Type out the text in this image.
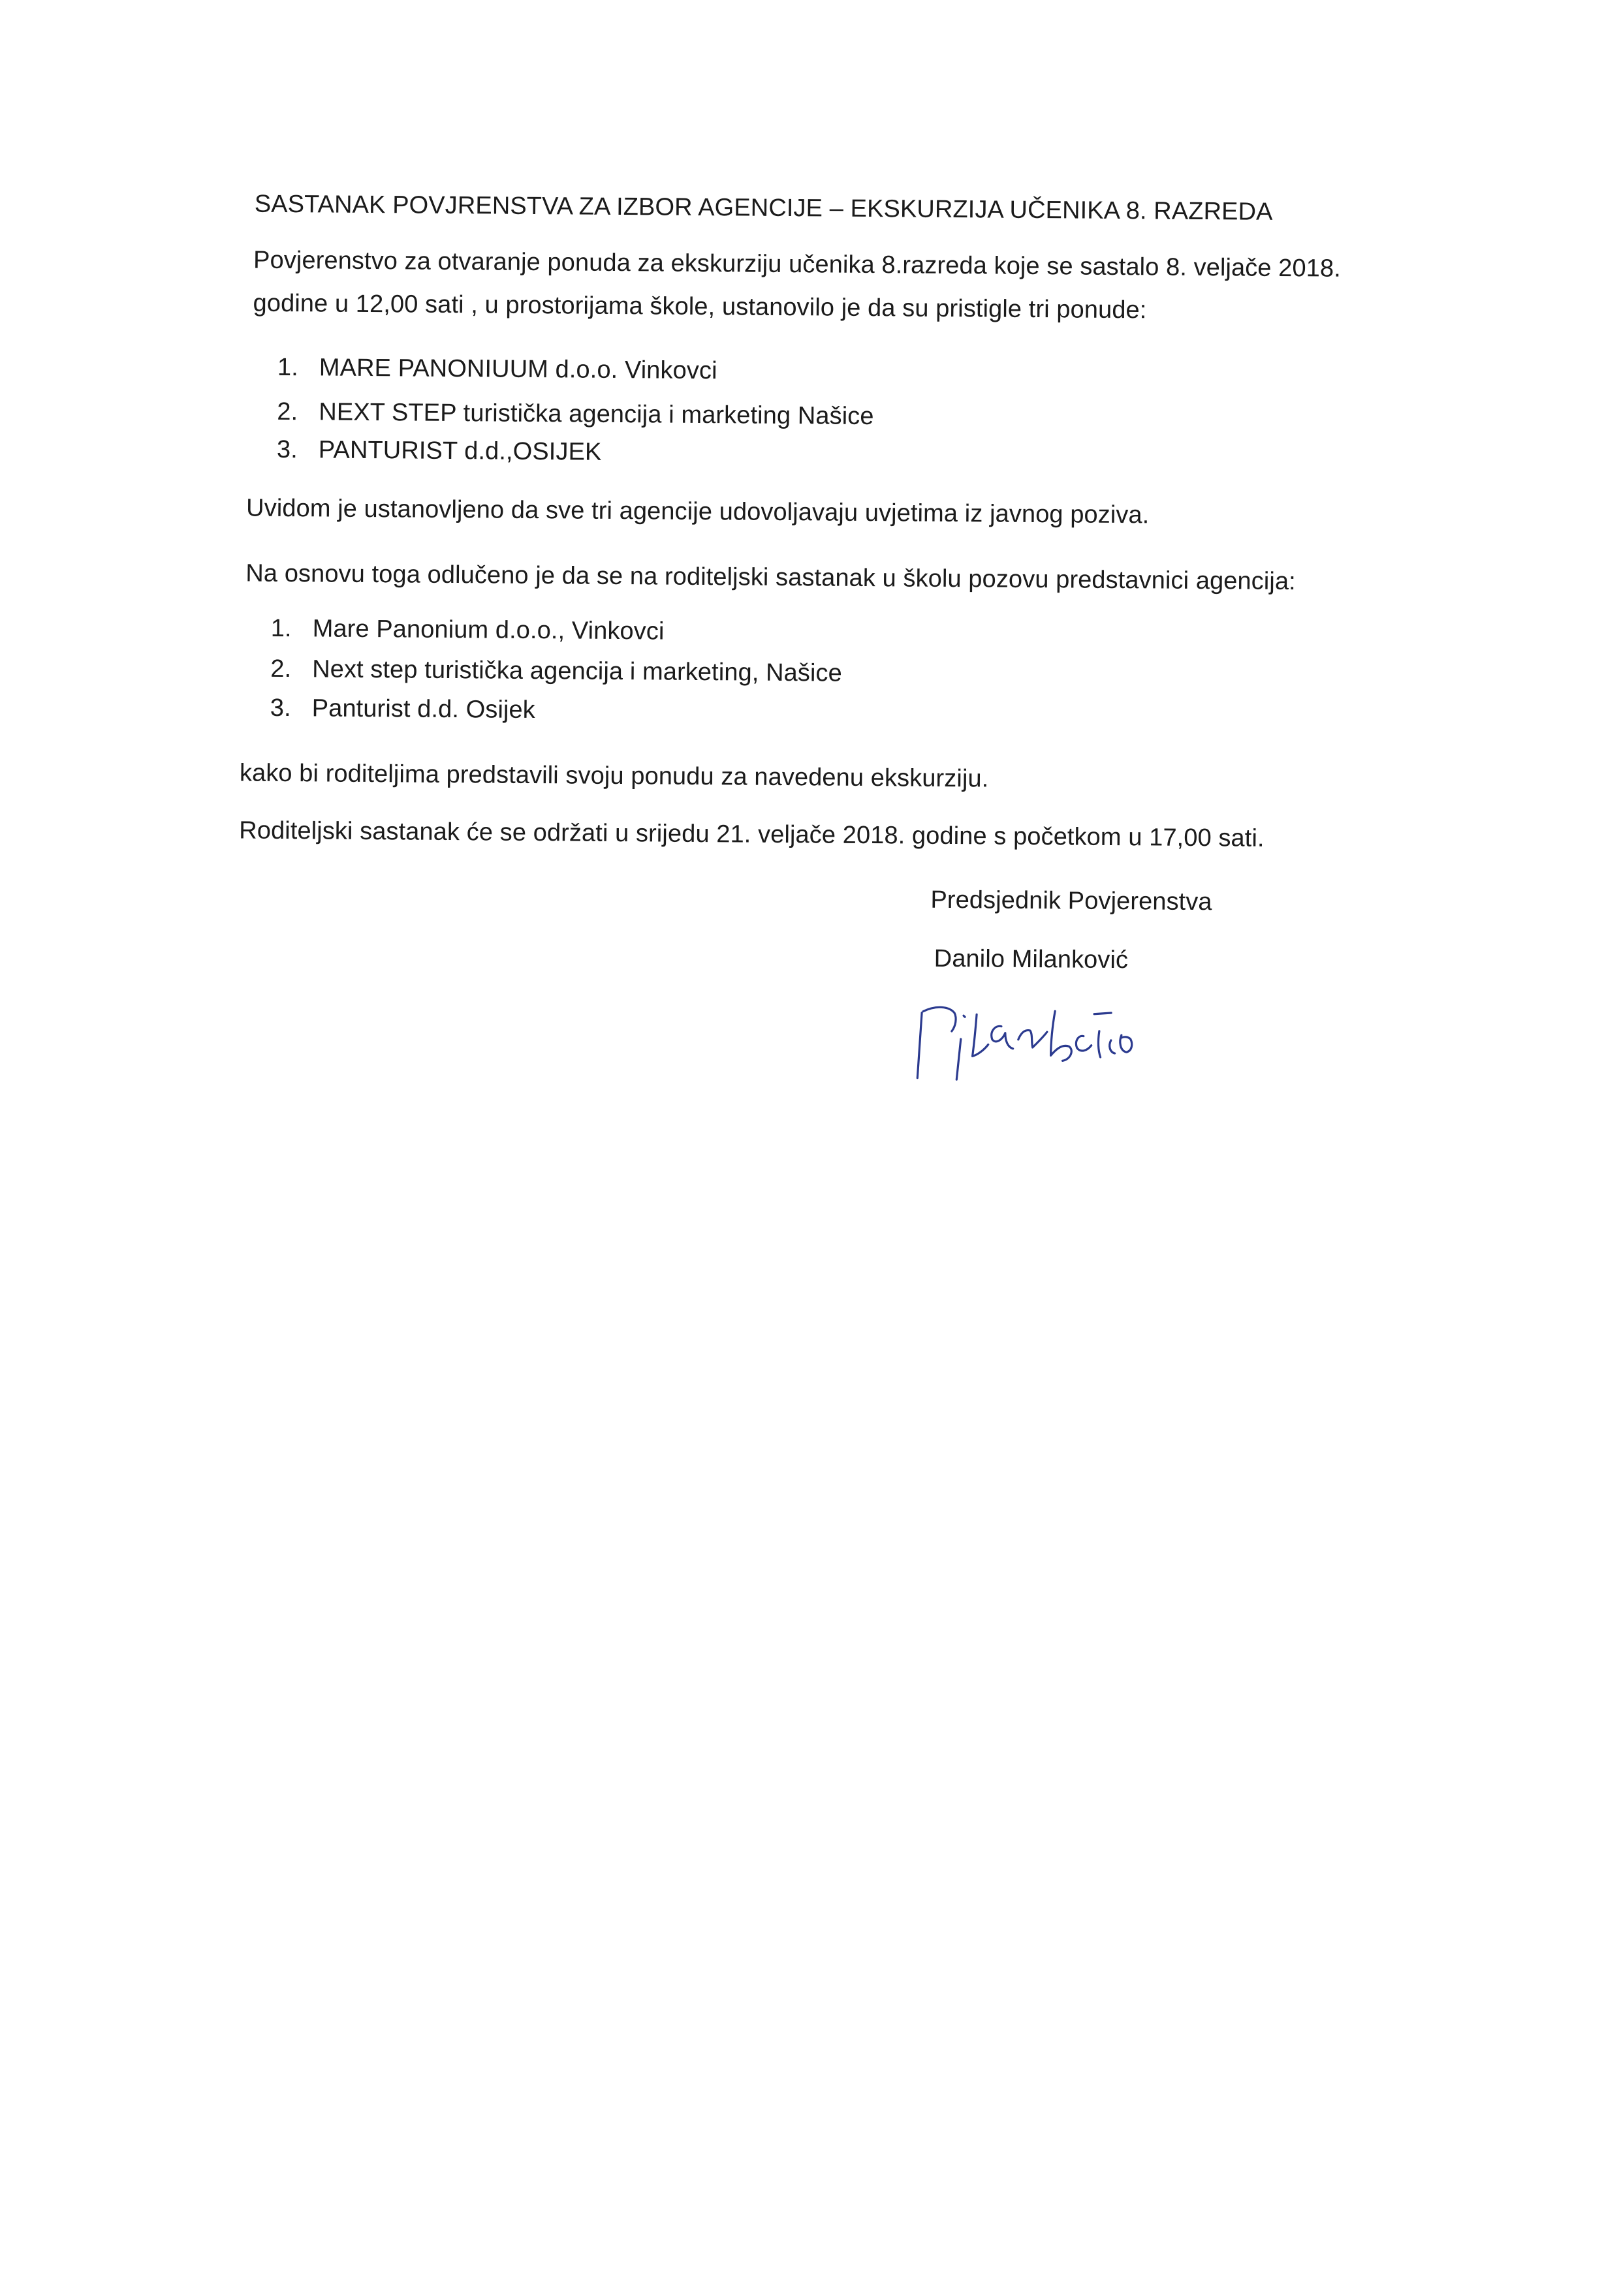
SASTANAK POVJRENSTVA ZA IZBOR AGENCIJE – EKSKURZIJA UČENIKA 8. RAZREDA
Povjerenstvo za otvaranje ponuda za ekskurziju učenika 8.razreda koje se sastalo 8. veljače 2018.
godine u 12,00 sati , u prostorijama škole, ustanovilo je da su pristigle tri ponude:
1. MARE PANONIUUM d.o.o. Vinkovci
2. NEXT STEP turistička agencija i marketing Našice
3. PANTURIST d.d.,OSIJEK
Uvidom je ustanovljeno da sve tri agencije udovoljavaju uvjetima iz javnog poziva.
Na osnovu toga odlučeno je da se na roditeljski sastanak u školu pozovu predstavnici agencija:
1. Mare Panonium d.o.o., Vinkovci
2. Next step turistička agencija i marketing, Našice
3. Panturist d.d. Osijek
kako bi roditeljima predstavili svoju ponudu za navedenu ekskurziju.
Roditeljski sastanak će se održati u srijedu 21. veljače 2018. godine s početkom u 17,00 sati.
Predsjednik Povjerenstva
Danilo Milanković
